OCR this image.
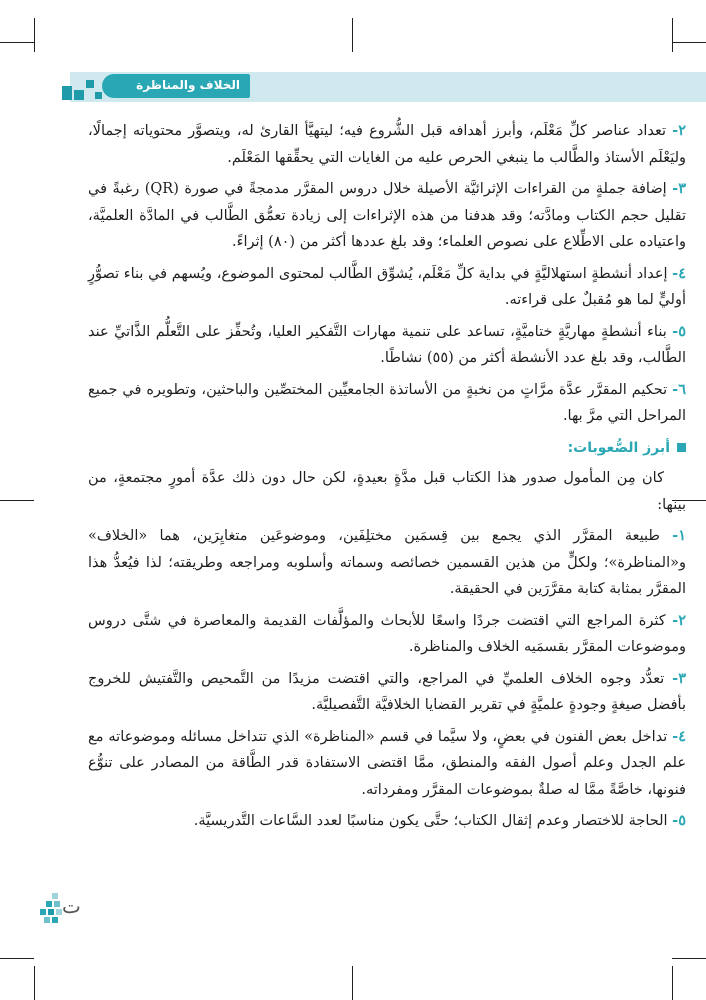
الخلاف والمناظرة

٢- تعداد عناصر كلِّ مَعْلَم، وأبرز أهدافه قبل الشُّروع فيه؛ ليتهيَّأ القارئ له، ويتصوَّر محتوياته إجمالًا، وليَعْلَم الأستاذ والطَّالب ما ينبغي الحرص عليه من الغايات التي يحقِّقها المَعْلَم.

٣- إضافة جملةٍ من القراءات الإثرائيَّة الأصيلة خلال دروس المقرَّر مدمجةً في صورة (QR) رغبةً في تقليل حجم الكتاب ومادَّته؛ وقد هدفنا من هذه الإثراءات إلى زيادة تعمُّق الطَّالب في المادَّة العلميَّة، واعتياده على الاطِّلاع على نصوص العلماء؛ وقد بلغ عددها أكثر من (٨٠) إثراءً.

٤- إعداد أنشطةٍ استهلاليَّةٍ في بداية كلِّ مَعْلَم، يُشوِّق الطَّالب لمحتوى الموضوع، ويُسهم في بناء تصوُّرٍ أوليٍّ لما هو مُقبلٌ على قراءته.

٥- بناء أنشطةٍ مهاريَّةٍ ختاميَّةٍ، تساعد على تنمية مهارات التَّفكير العليا، وتُحفِّز على التَّعلُّم الذَّاتيِّ عند الطَّالب، وقد بلغ عدد الأنشطة أكثر من (٥٥) نشاطًا.

٦- تحكيم المقرَّر عدَّة مرَّاتٍ من نخبةٍ من الأساتذة الجامعيِّين المختصِّين والباحثين، وتطويره في جميع المراحل التي مرَّ بها.

أبرز الصُّعوبات:

كان مِن المأمول صدور هذا الكتاب قبل مدَّةٍ بعيدةٍ، لكن حال دون ذلك عدَّة أمورٍ مجتمعةٍ، من بينها:

١- طبيعة المقرَّر الذي يجمع بين قِسمَين مختلِفَين، وموضوعَين متغايِرَين، هما «الخلاف» و«المناظرة»؛ ولكلٍّ من هذين القسمين خصائصه وسماته وأسلوبه ومراجعه وطريقته؛ لذا فيُعدُّ هذا المقرَّر بمثابة كتابة مقرَّرَين في الحقيقة.

٢- كثرة المراجع التي اقتضت جردًا واسعًا للأبحاث والمؤلَّفات القديمة والمعاصرة في شتَّى دروس وموضوعات المقرَّر بقسمَيه الخلاف والمناظرة.

٣- تعدُّد وجوه الخلاف العلميِّ في المراجع، والتي اقتضت مزيدًا من التَّمحيص والتَّفتيش للخروج بأفضل صيغةٍ وجودةٍ علميَّةٍ في تقرير القضايا الخلافيَّة التَّفصيليَّة.

٤- تداخل بعض الفنون في بعضٍ، ولا سيَّما في قسم «المناظرة» الذي تتداخل مسائله وموضوعاته مع علم الجدل وعلم أصول الفقه والمنطق، ممَّا اقتضى الاستفادة قدر الطَّاقة من المصادر على تنوُّع فنونها، خاصَّةً ممَّا له صلةٌ بموضوعات المقرَّر ومفرداته.

٥- الحاجة للاختصار وعدم إثقال الكتاب؛ حتَّى يكون مناسبًا لعدد السَّاعات التَّدريسيَّة.

ت
